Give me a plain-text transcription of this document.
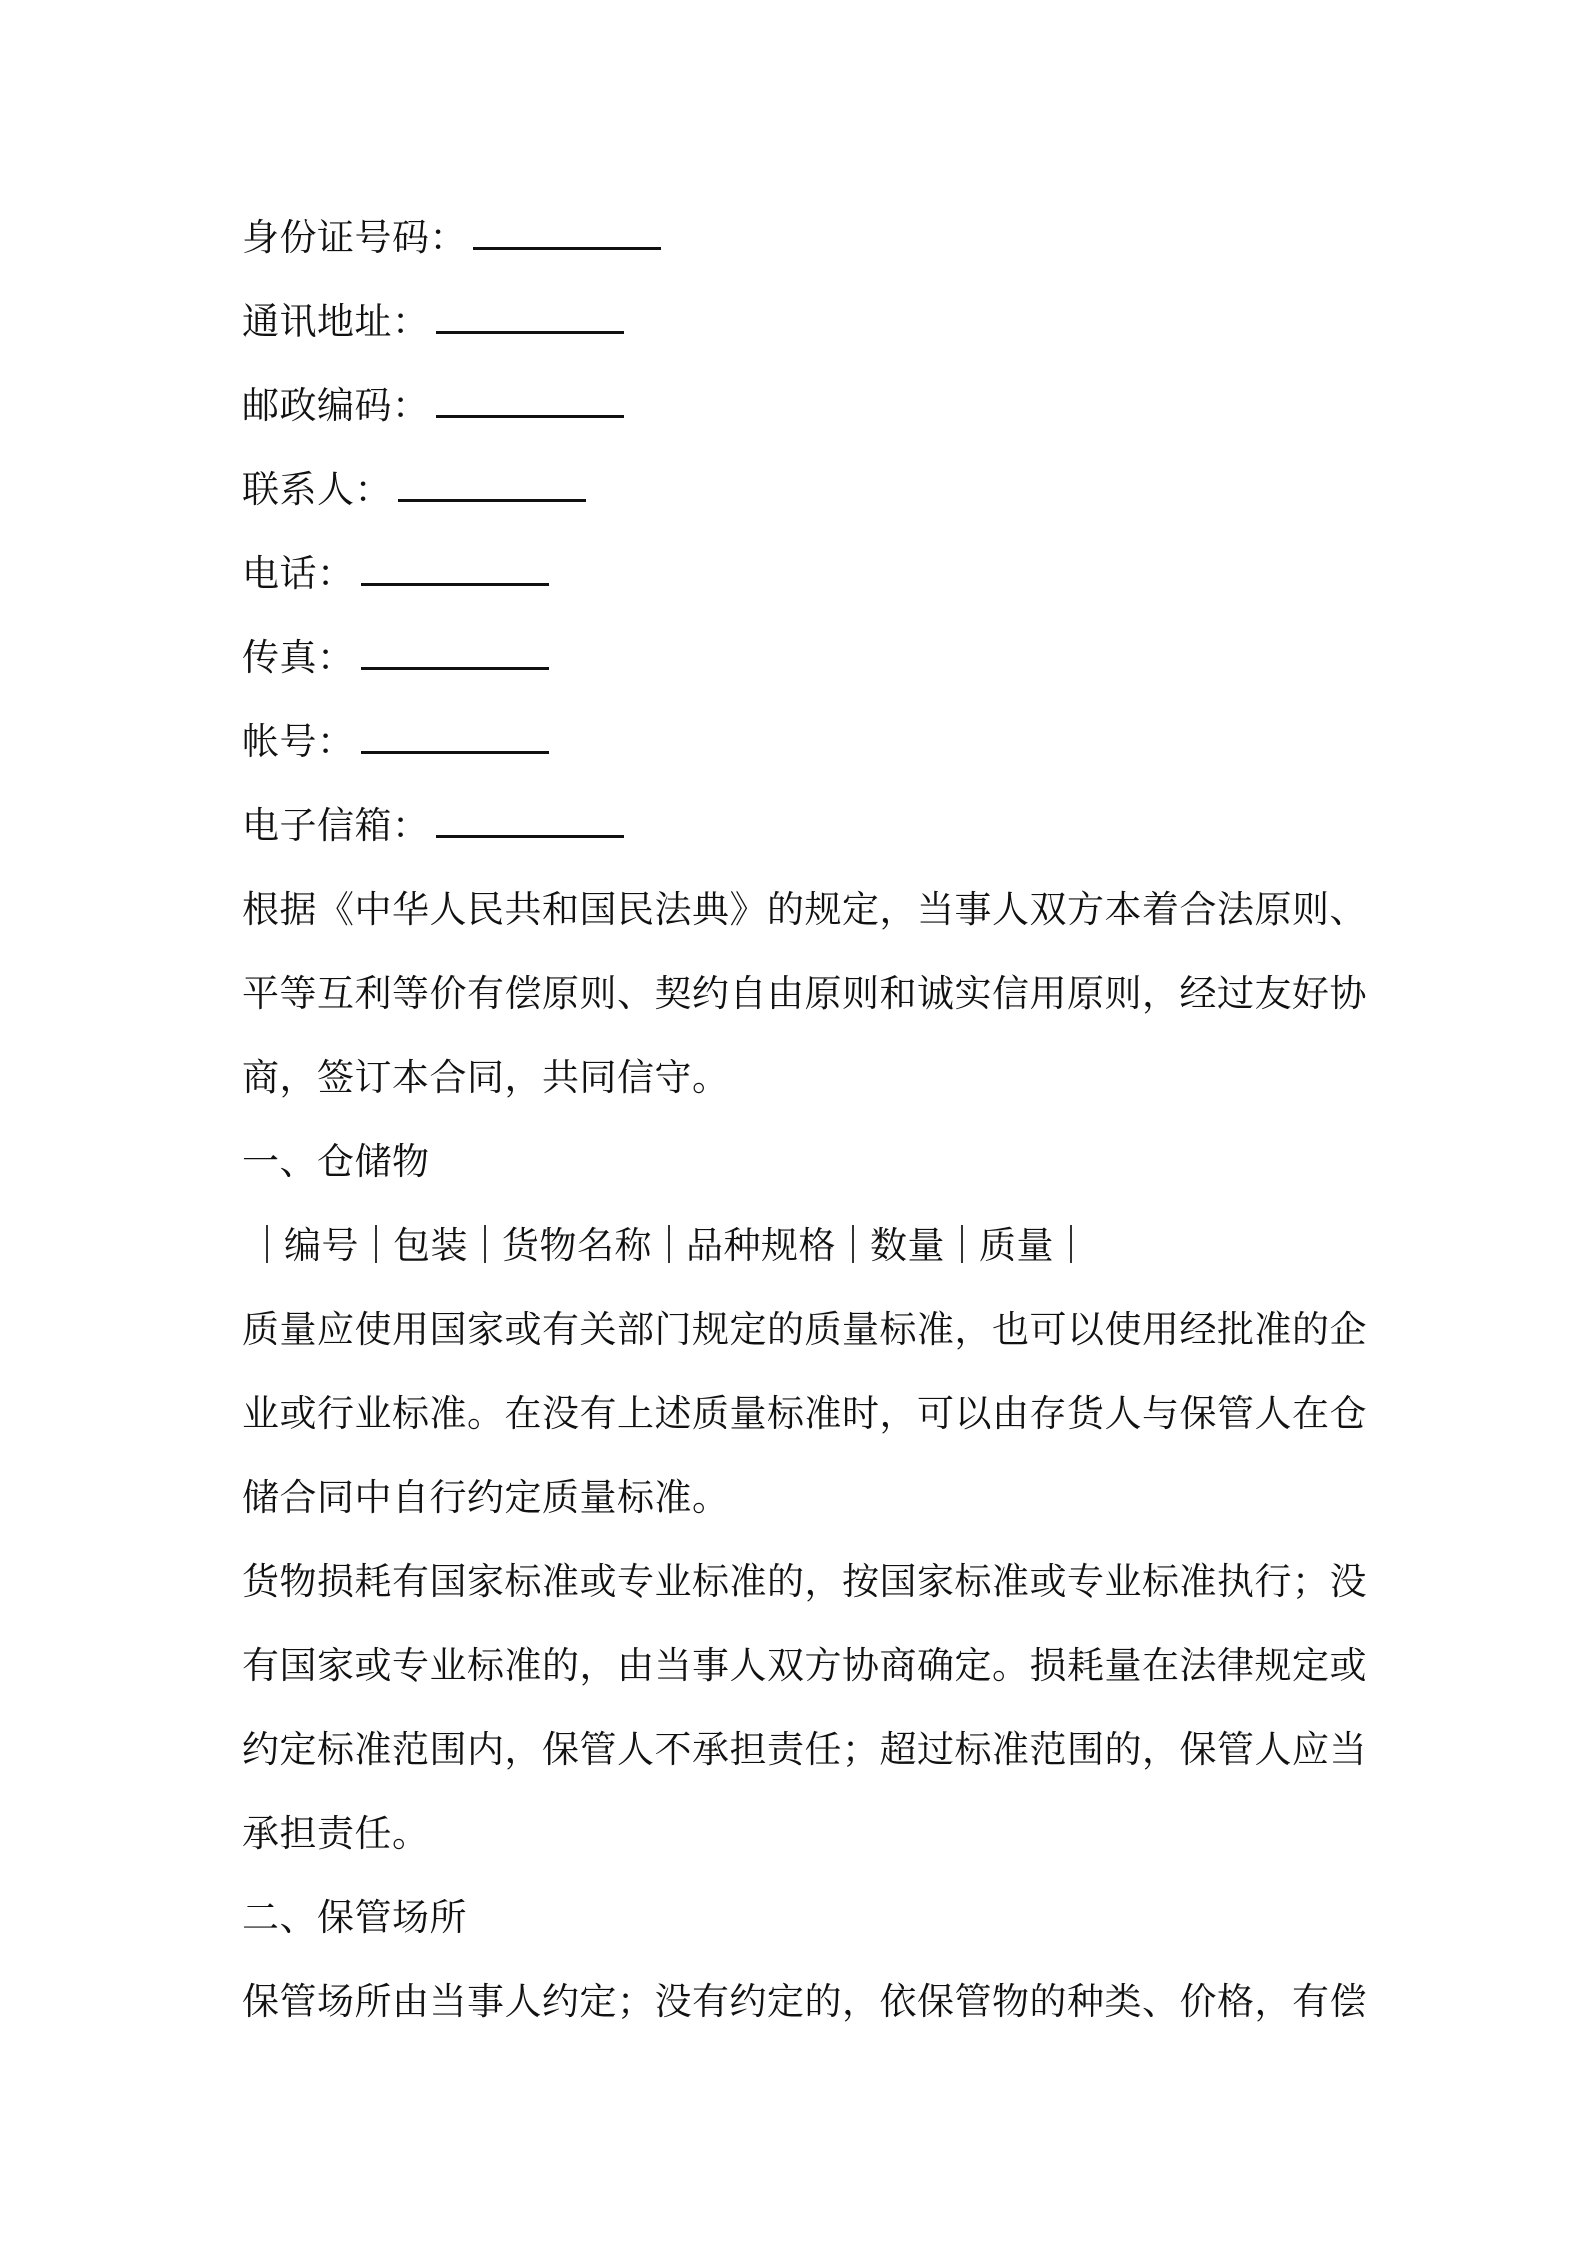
身份证号码：
通讯地址：
邮政编码：
联系人：
电话：
传真：
帐号：
电子信箱：
根据《中华人民共和国民法典》的规定，当事人双方本着合法原则、
平等互利等价有偿原则、契约自由原则和诚实信用原则，经过友好协
商，签订本合同，共同信守。
一、仓储物
编号 包装 货物名称 品种规格 数量 质量
质量应使用国家或有关部门规定的质量标准，也可以使用经批准的企
业或行业标准。在没有上述质量标准时，可以由存货人与保管人在仓
储合同中自行约定质量标准。
货物损耗有国家标准或专业标准的，按国家标准或专业标准执行；没
有国家或专业标准的，由当事人双方协商确定。损耗量在法律规定或
约定标准范围内，保管人不承担责任；超过标准范围的，保管人应当
承担责任。
二、保管场所
保管场所由当事人约定；没有约定的，依保管物的种类、价格，有偿
